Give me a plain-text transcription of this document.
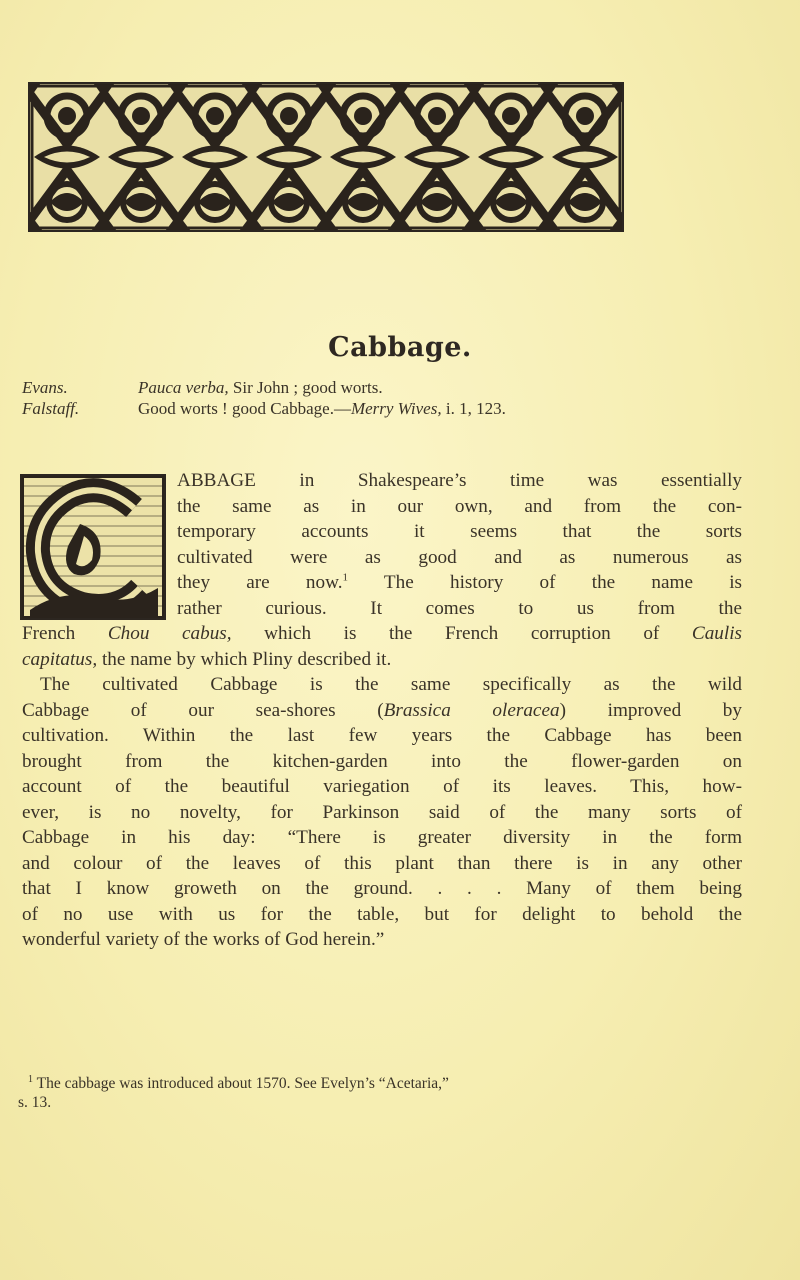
Cabbage.
Evans.	Pauca verba, Sir John ; good worts.
Falstaff.	Good worts ! good Cabbage.—Merry Wives, i. 1, 123.
ABBAGE in Shakespeare’s time was essentially
the same as in our own, and from the con-
temporary accounts it seems that the sorts
cultivated were as good and as numerous as
they are now.$^1$ The history of the name is
rather curious. It comes to us from the
French Chou cabus, which is the French corruption of Caulis
capitatus, the name by which Pliny described it.
The cultivated Cabbage is the same specifically as the wild
Cabbage of our sea-shores (Brassica oleracea) improved by
cultivation. Within the last few years the Cabbage has been
brought from the kitchen-garden into the flower-garden on
account of the beautiful variegation of its leaves. This, how-
ever, is no novelty, for Parkinson said of the many sorts of
Cabbage in his day: “There is greater diversity in the form
and colour of the leaves of this plant than there is in any other
that I know groweth on the ground. . . . Many of them being
of no use with us for the table, but for delight to behold the
wonderful variety of the works of God herein.”
$^1$ The cabbage was introduced about 1570. See Evelyn’s “Acetaria,”
s. 13.
